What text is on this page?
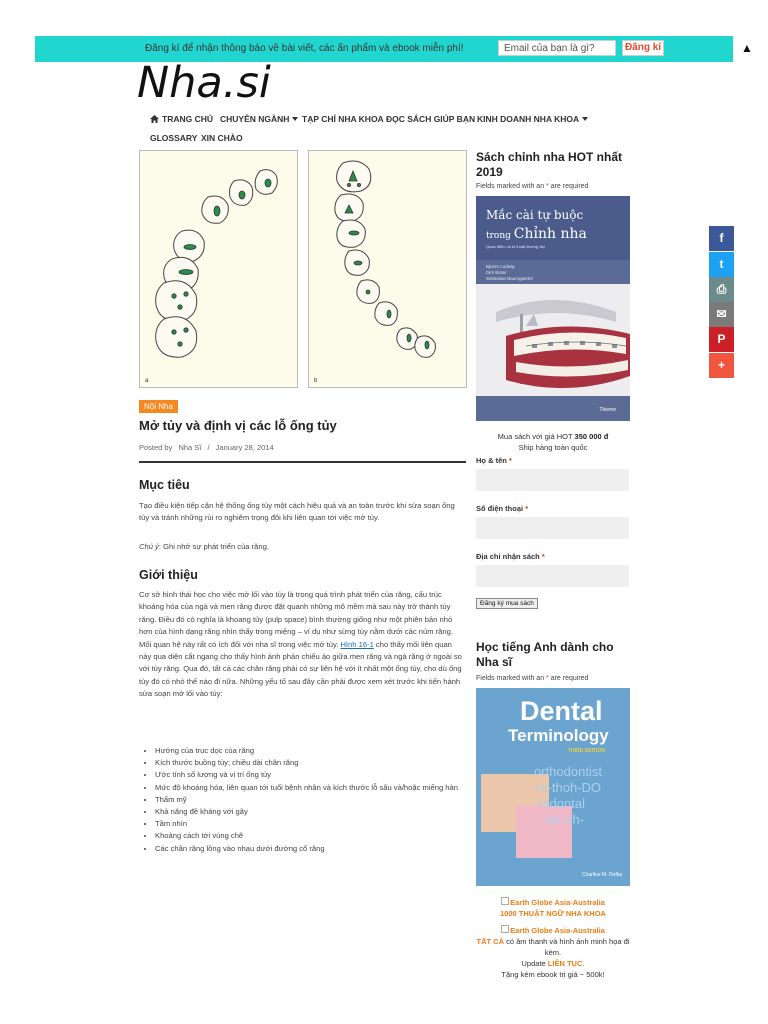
Đăng kí để nhận thông báo về bài viết, các ấn phẩm và ebook miễn phí!	Email của bạn là gì?	Đăng kí	▲
Nha.si
TRANG CHỦ CHUYÊN NGÀNH	TẠP CHÍ NHA KHOA ĐỌC SÁCH GIÚP BẠN KINH DOANH NHA KHOA
GLOSSARY XIN CHÀO
a	b
Nội Nha
Mở tủy và định vị các lỗ ống tủy
Posted by Nha Sĩ / January 28, 2014
Mục tiêu
Tạo điều kiện tiếp cận hệ thống ống tủy một cách hiệu quả và an toàn trước khi sửa soạn ống tủy và tránh những rủi ro nghiêm trọng đôi khi liên quan tới việc mở tủy.
Chú ý: Ghi nhớ sự phát triển của răng.
Giới thiệu
Cơ sở hình thái học cho việc mở lối vào tủy là trong quá trình phát triển của răng, cấu trúc khoáng hóa của ngà và men răng được đặt quanh những mô mềm mà sau này trở thành tủy răng. Điều đó có nghĩa là khoang tủy (pulp space) bình thường giống như một phiên bản nhỏ hơn của hình dạng răng nhìn thấy trong miệng – ví dụ như sừng tủy nằm dưới các núm răng. Mối quan hệ này rất có ích đối với nha sĩ trong việc mở tủy. Hình 16-1 cho thấy mối liên quan này qua diện cắt ngang cho thấy hình ảnh phản chiếu ảo giữa men răng và ngà răng ở ngoài so với tủy răng. Qua đó, tất cả các chân răng phải có sự liên hệ với ít nhất một ống tủy, cho dù ống tủy đó có nhỏ thế nào đi nữa. Những yếu tố sau đây cần phải được xem xét trước khi tiến hành sửa soạn mở lối vào tủy:
• Hướng của trục dọc của răng
• Kích thước buồng tủy; chiều dài chân răng
• Ước tính số lượng và vị trí ống tủy
• Mức độ khoáng hóa, liên quan tới tuổi bệnh nhân và kích thước lỗ sâu và/hoặc miếng hàn
• Thẩm mỹ
• Khả năng đề kháng với gãy
• Tầm nhìn
• Khoảng cách tới vùng chẽ
• Các chân răng lồng vào nhau dưới đường cổ răng
Sách chỉnh nha HOT nhất 2019
Fields marked with an * are required
Mắc cài tự buộc
trong Chỉnh nha
Quan điểm và kĩ thuật đương đại
Bjoern Ludwig
Dirk Bister
Sebastian Baumgaertel
Thieme
Mua sách với giá HOT 350 000 đ
Ship hàng toàn quốc
Họ & tên *
Số điện thoại *
Địa chỉ nhận sách *
Đăng ký mua sách
Học tiếng Anh dành cho Nha sĩ
Fields marked with an * are required
Dental
Terminology
THIRD EDITION
orthodontist
re-thoh-DO
rodontal
-ee-oh-
Charline M. Dofka
Earth Globe Asia-Australia
1000 THUẬT NGỮ NHA KHOA
Earth Globe Asia-Australia
TẤT CẢ có âm thanh và hình ảnh minh họa đi kèm.
Update LIÊN TỤC.
Tặng kèm ebook trị giá ~ 500k!
f
t
⎙
✉
P
+
